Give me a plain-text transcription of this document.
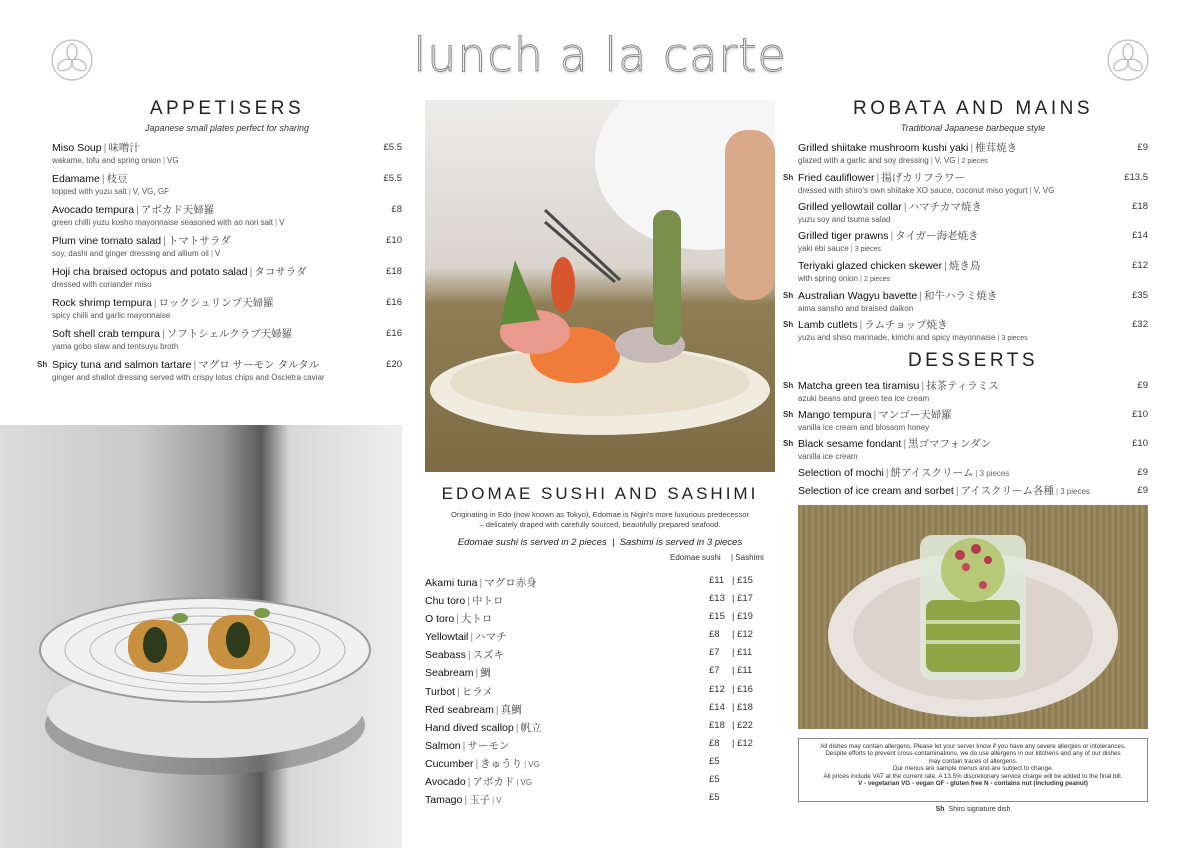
lunch a la carte
APPETISERS
Japanese small plates perfect for sharing
Miso Soup | 味噌汁
wakame, tofu and spring onion | VG
£5.5
Edamame | 枝豆
topped with yuzu salt | V, VG, GF
£5.5
Avocado tempura | アボカド天婦羅
green chilli yuzu kosho mayonnaise seasoned with ao nori salt | V
£8
Plum vine tomato salad | トマトサラダ
soy, dashi and ginger dressing and allium oil | V
£10
Hoji cha braised octopus and potato salad | タコサラダ
dressed with coriander miso
£18
Rock shrimp tempura | ロックシュリンプ天婦羅
spicy chilli and garlic mayonnaise
£16
Soft shell crab tempura | ソフトシェルクラブ天婦羅
yama gobo slaw and tentsuyu broth
£16
Sh Spicy tuna and salmon tartare | マグロ サーモン タルタル
ginger and shallot dressing served with crispy lotus chips and Oscietra caviar
£20
EDOMAE SUSHI AND SASHIMI
Originating in Edo (now known as Tokyo), Edomae is Nigiri's more luxurious predecessor
– delicately draped with carefully sourced, beautifully prepared seafood.
Edomae sushi is served in 2 pieces  |  Sashimi is served in 3 pieces
Edomae sushi | Sashimi
Akami tuna | マグロ赤身	£11 | £15
Chu toro | 中トロ	£13 | £17
O toro | 大トロ	£15 | £19
Yellowtail | ハマチ	£8 | £12
Seabass | スズキ	£7 | £11
Seabream | 鯛	£7 | £11
Turbot | ヒラメ	£12 | £16
Red seabream | 真鯛	£14 | £18
Hand dived scallop | 帆立	£18 | £22
Salmon | サーモン	£8 | £12
Cucumber | きゅうり | VG	£5
Avocado | アボカド | VG	£5
Tamago | 玉子 | V	£5
ROBATA AND MAINS
Traditional Japanese barbeque style
Grilled shiitake mushroom kushi yaki | 椎茸焼き
glazed with a garlic and soy dressing | V, VG | 2 pieces
£9
Sh Fried cauliflower | 揚げカリフラワー
dressed with shiro's own shiitake XO sauce, coconut miso yogurt | V, VG
£13.5
Grilled yellowtail collar | ハマチカマ焼き
yuzu soy and tsuma salad
£18
Grilled tiger prawns | タイガー海老焼き
yaki ebi sauce | 3 pieces
£14
Teriyaki glazed chicken skewer | 焼き鳥
with spring onion | 2 pieces
£12
Sh Australian Wagyu bavette | 和牛ハラミ焼き
aima sansho and braised daikon
£35
Sh Lamb cutlets | ラムチョップ焼き
yuzu and shiso marinade, kimchi and spicy mayonnaise | 3 pieces
£32
DESSERTS
Sh Matcha green tea tiramisu | 抹茶ティラミス
azuki beans and green tea ice cream
£9
Sh Mango tempura | マンゴー天婦羅
vanilla ice cream and blossom honey
£10
Sh Black sesame fondant | 黒ゴマフォンダン
vanilla ice cream
£10
Selection of mochi | 餅アイスクリーム | 3 pieces	£9
Selection of ice cream and sorbet | アイスクリーム各種 | 3 pieces	£9
All dishes may contain allergens. Please let your server know if you have any severe allergies or intolerances.
Despite efforts to prevent cross-contaminations, we do use allergens in our kitchens and any of our dishes
may contain traces of allergens.
Our menus are sample menus and are subject to change.
All prices include VAT at the current rate. A 13.5% discretionary service charge will be added to the final bill.
V - vegetarian VG - vegan GF - gluten free N - contains nut (including peanut)
Sh Shiro signature dish
